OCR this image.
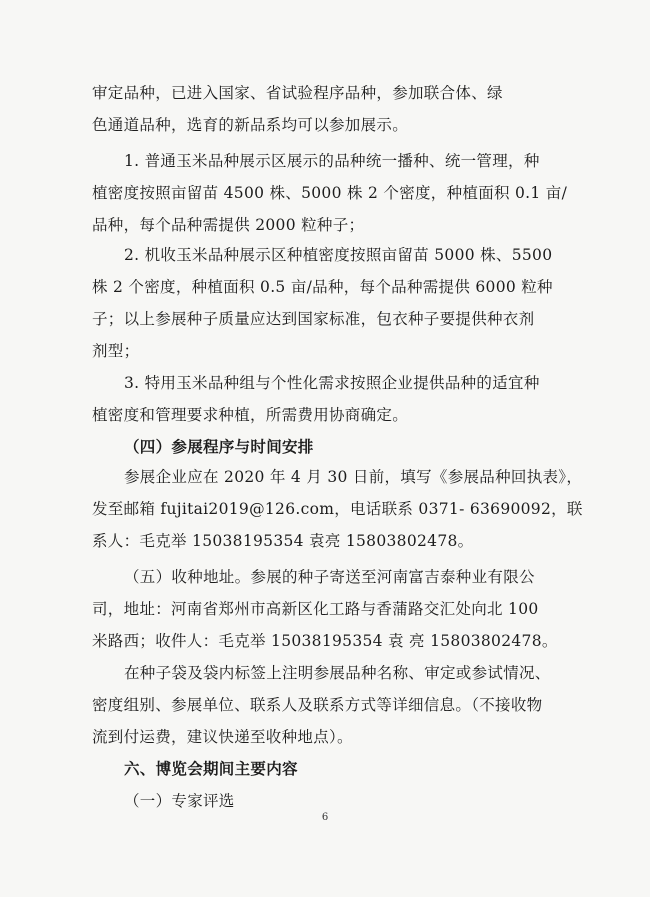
审定品种，已进入国家、省试验程序品种，参加联合体、绿
色通道品种，选育的新品系均可以参加展示。
1. 普通玉米品种展示区展示的品种统一播种、统一管理，种
植密度按照亩留苗 4500 株、5000 株 2 个密度，种植面积 0.1 亩/
品种，每个品种需提供 2000 粒种子；
2. 机收玉米品种展示区种植密度按照亩留苗 5000 株、5500
株 2 个密度，种植面积 0.5 亩/品种，每个品种需提供 6000 粒种
子；以上参展种子质量应达到国家标准，包衣种子要提供种衣剂
剂型；
3. 特用玉米品种组与个性化需求按照企业提供品种的适宜种
植密度和管理要求种植，所需费用协商确定。
（四）参展程序与时间安排
参展企业应在 2020 年 4 月 30 日前，填写《参展品种回执表》，
发至邮箱 fujitai2019@126.com，电话联系 0371- 63690092，联
系人：毛克举 15038195354 袁亮 15803802478。
（五）收种地址。参展的种子寄送至河南富吉泰种业有限公
司，地址：河南省郑州市高新区化工路与香蒲路交汇处向北 100
米路西；收件人：毛克举 15038195354 袁 亮 15803802478。
在种子袋及袋内标签上注明参展品种名称、审定或参试情况、
密度组别、参展单位、联系人及联系方式等详细信息。（不接收物
流到付运费，建议快递至收种地点）。
六、博览会期间主要内容
（一）专家评选
6
